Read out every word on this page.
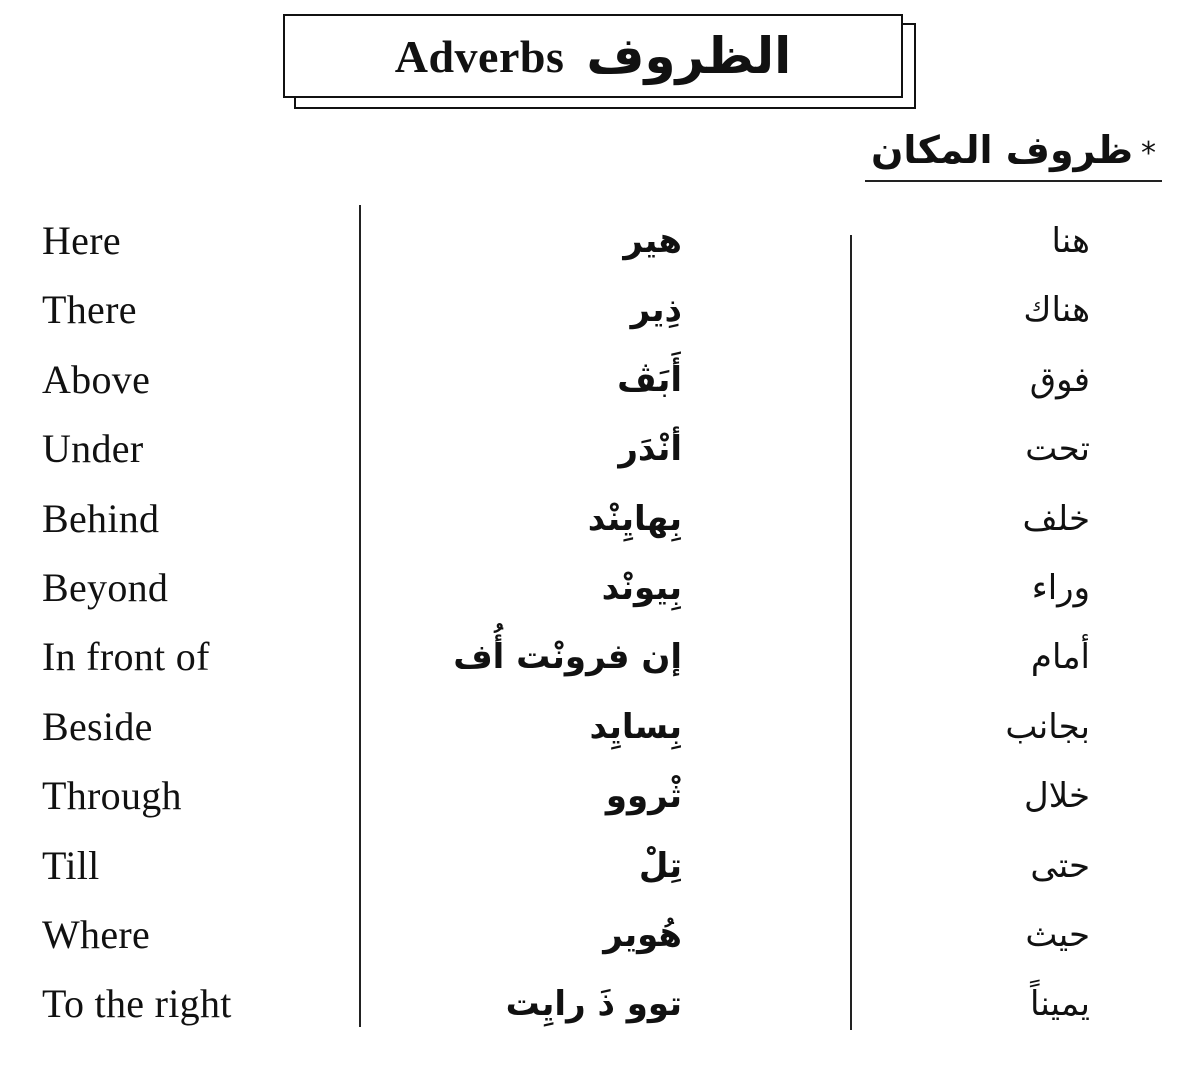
Adverbs الظروف
*ظروف المكان
Here	هير	هنا
There	ذِير	هناك
Above	أَبَڤ	فوق
Under	أنْدَر	تحت
Behind	بِهايِنْد	خلف
Beyond	بِيونْد	وراء
In front of	إن فرونْت أُف	أمام
Beside	بِسايِد	بجانب
Through	ثْروو	خلال
Till	تِلْ	حتى
Where	هُوير	حيث
To the right	توو ذَ رايِت	يميناً
